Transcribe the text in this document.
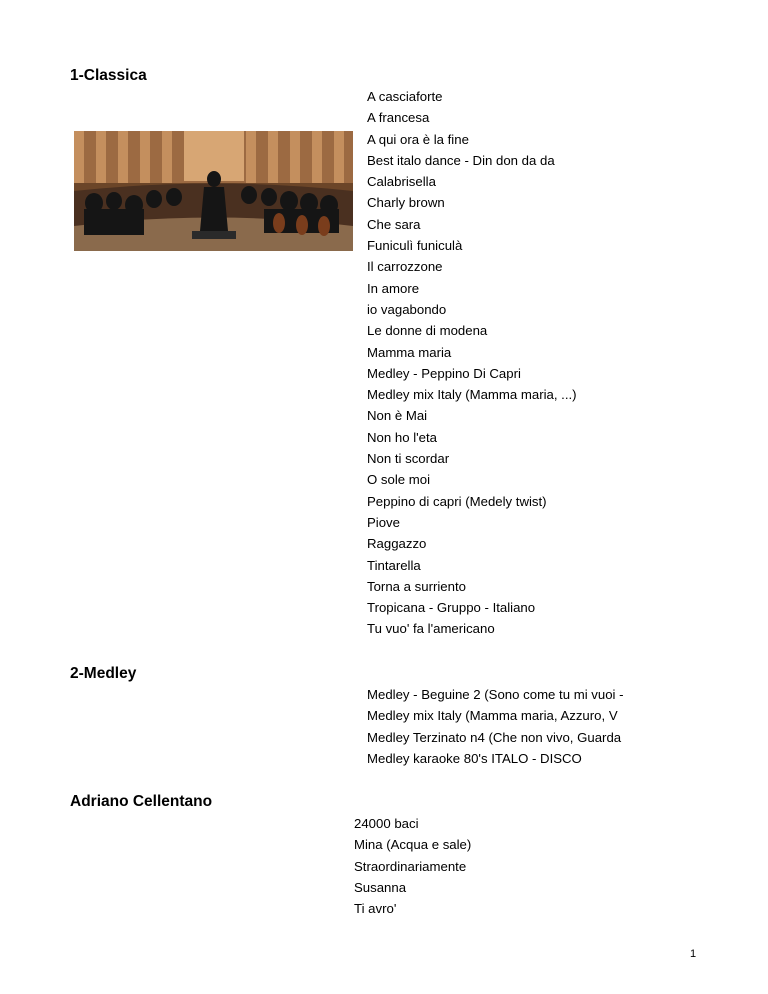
1-Classica
A casciaforte
A francesa
A qui ora è la fine
Best italo dance - Din don da da
Calabrisella
Charly brown
Che sara
Funiculì funiculà
Il carrozzone
In amore
io vagabondo
Le donne di modena
Mamma maria
Medley - Peppino Di Capri
Medley mix Italy (Mamma maria, ...)
Non è Mai
Non ho l'eta
Non ti scordar
O sole moi
Peppino di capri (Medely twist)
Piove
Raggazzo
Tintarella
Torna a surriento
Tropicana - Gruppo - Italiano
Tu vuo' fa l'americano
2-Medley
Medley - Beguine 2 (Sono come tu mi vuoi -
Medley mix Italy (Mamma maria, Azzuro, V
Medley Terzinato n4 (Che non vivo, Guarda
Medley karaoke 80's ITALO - DISCO
Adriano Cellentano
24000 baci
Mina (Acqua e sale)
Straordinariamente
Susanna
Ti avro'

1
